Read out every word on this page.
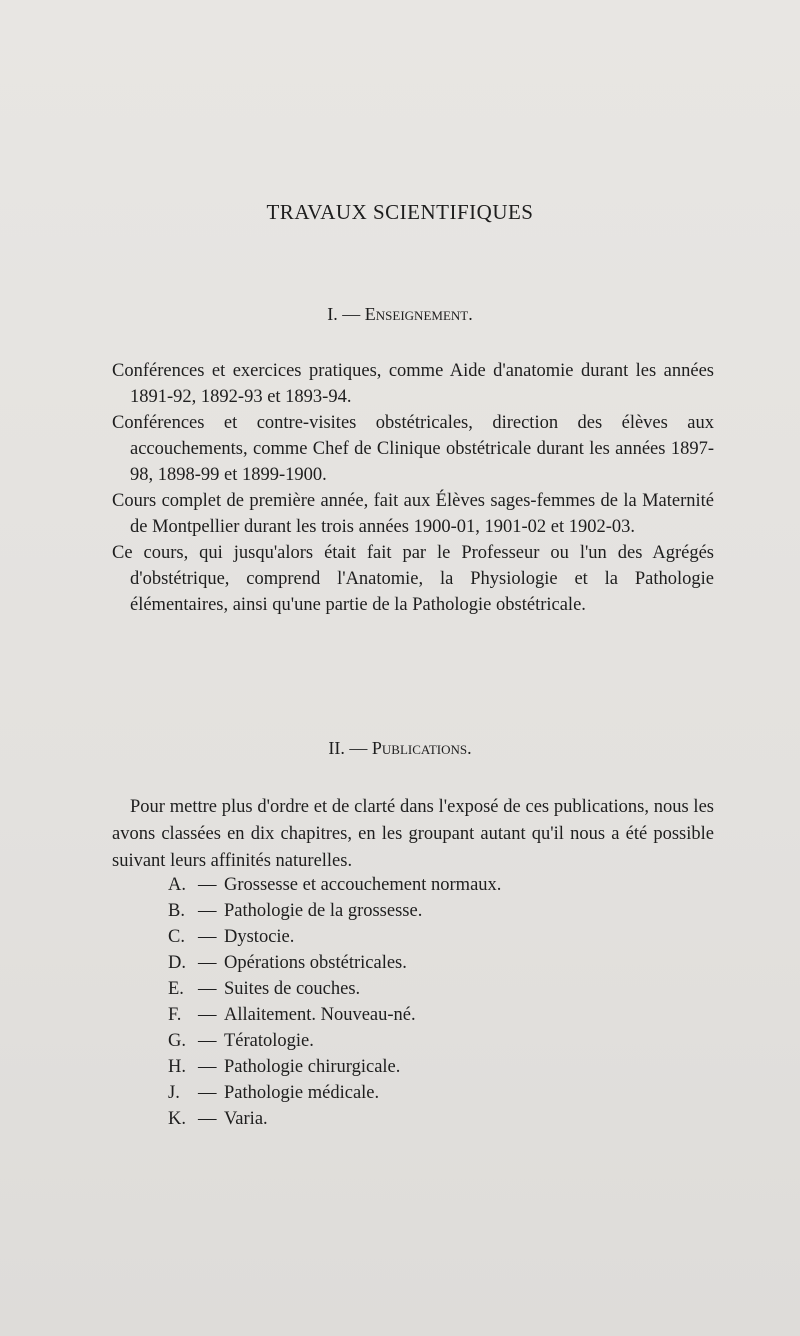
TRAVAUX SCIENTIFIQUES
I. — Enseignement.

Conférences et exercices pratiques, comme Aide d'anatomie durant les années 1891-92, 1892-93 et 1893-94.

Conférences et contre-visites obstétricales, direction des élèves aux accouchements, comme Chef de Clinique obstétricale durant les années 1897-98, 1898-99 et 1899-1900.

Cours complet de première année, fait aux Élèves sages-femmes de la Maternité de Montpellier durant les trois années 1900-01, 1901-02 et 1902-03.

Ce cours, qui jusqu'alors était fait par le Professeur ou l'un des Agrégés d'obstétrique, comprend l'Anatomie, la Physiologie et la Pathologie élémentaires, ainsi qu'une partie de la Pathologie obstétricale.

II. — Publications.

Pour mettre plus d'ordre et de clarté dans l'exposé de ces publications, nous les avons classées en dix chapitres, en les groupant autant qu'il nous a été possible suivant leurs affinités naturelles.

A. — Grossesse et accouchement normaux.
B. — Pathologie de la grossesse.
C. — Dystocie.
D. — Opérations obstétricales.
E. — Suites de couches.
F. — Allaitement. Nouveau-né.
G. — Tératologie.
H. — Pathologie chirurgicale.
J. — Pathologie médicale.
K. — Varia.
